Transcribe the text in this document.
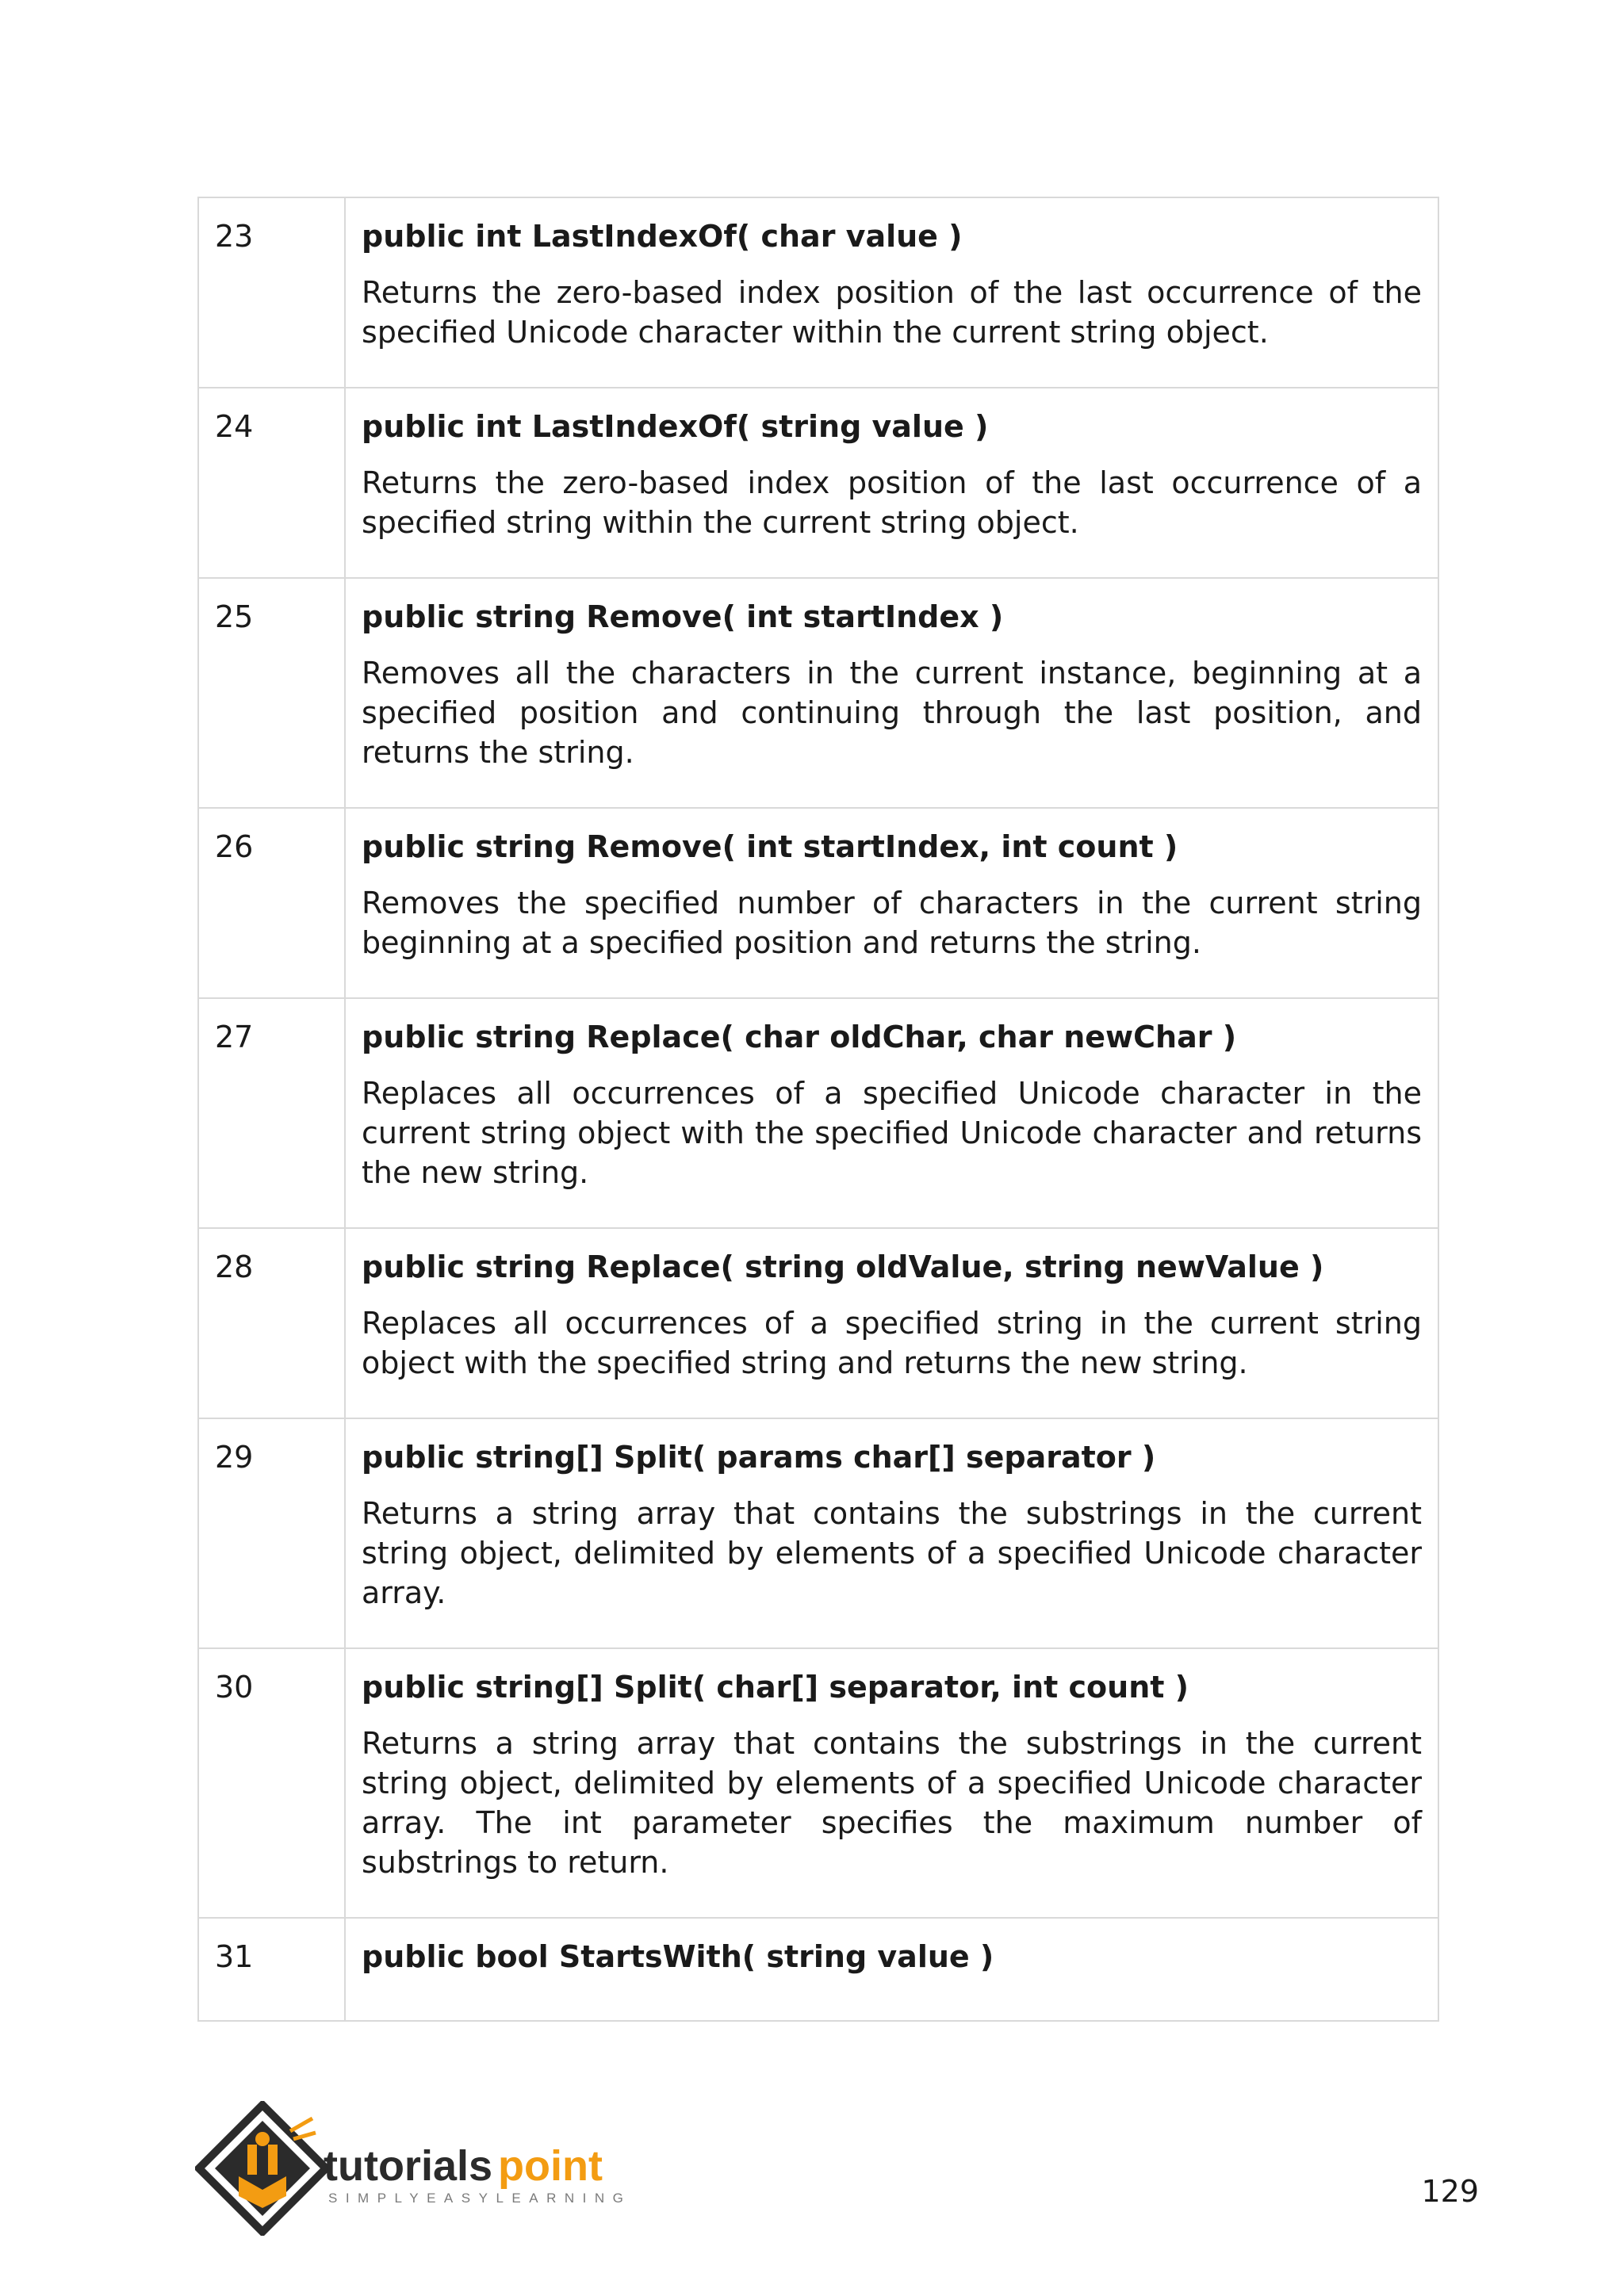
23	public int LastIndexOf( char value )

Returns the zero-based index position of the last occurrence of the specified Unicode character within the current string object.

24	public int LastIndexOf( string value )

Returns the zero-based index position of the last occurrence of a specified string within the current string object.

25	public string Remove( int startIndex )

Removes all the characters in the current instance, beginning at a specified position and continuing through the last position, and returns the string.

26	public string Remove( int startIndex, int count )

Removes the specified number of characters in the current string beginning at a specified position and returns the string.

27	public string Replace( char oldChar, char newChar )

Replaces all occurrences of a specified Unicode character in the current string object with the specified Unicode character and returns the new string.

28	public string Replace( string oldValue, string newValue )

Replaces all occurrences of a specified string in the current string object with the specified string and returns the new string.

29	public string[] Split( params char[] separator )

Returns a string array that contains the substrings in the current string object, delimited by elements of a specified Unicode character array.

30	public string[] Split( char[] separator, int count )

Returns a string array that contains the substrings in the current string object, delimited by elements of a specified Unicode character array. The int parameter specifies the maximum number of substrings to return.

31	public bool StartsWith( string value )

tutorials point
SIMPLYEASYLEARNING	129
